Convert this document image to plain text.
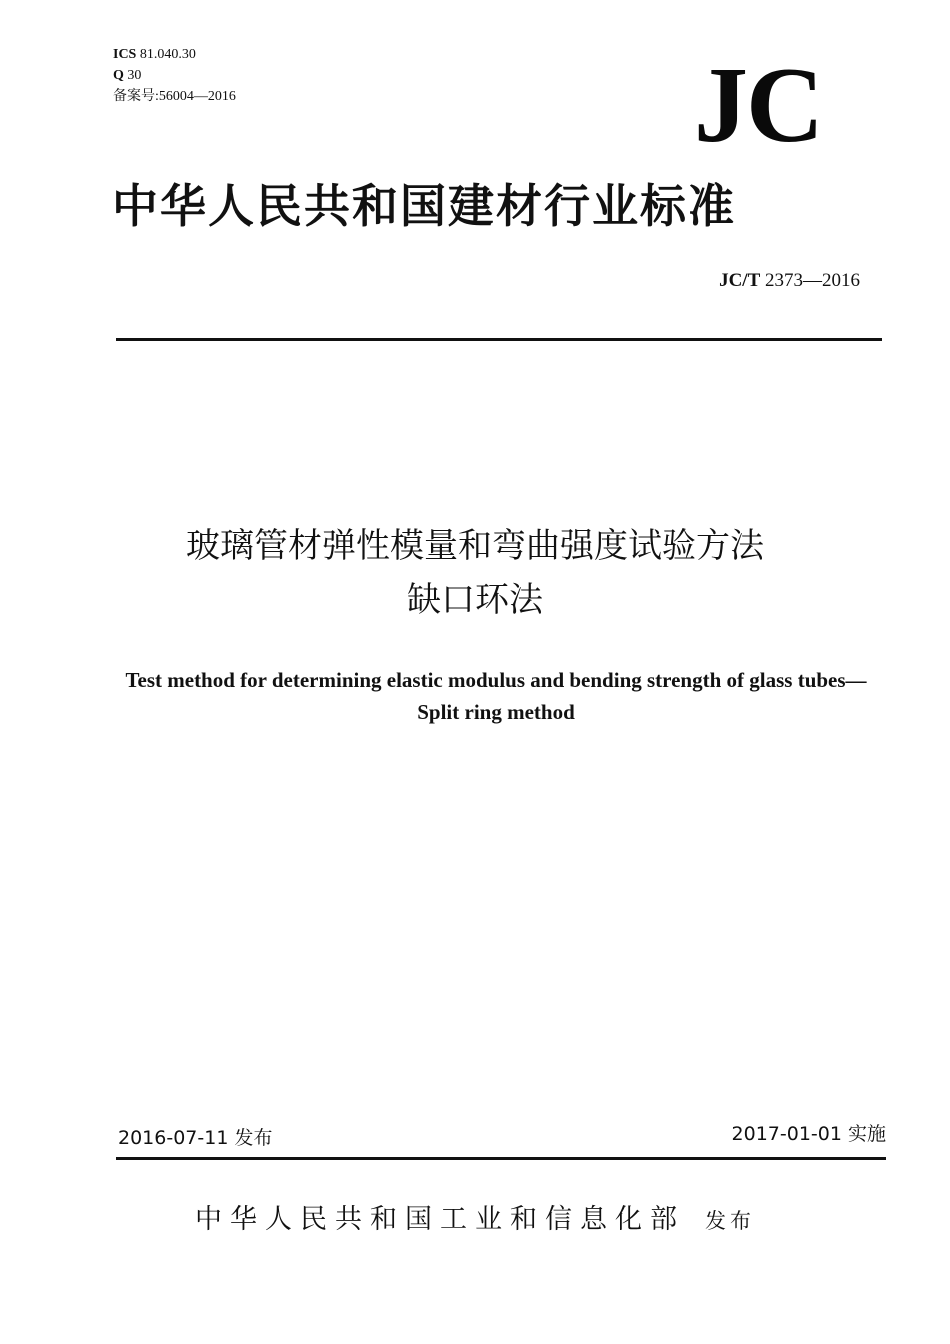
ICS 81.040.30
Q 30
备案号:56004—2016	JC
中华人民共和国建材行业标准
JC/T 2373—2016
玻璃管材弹性模量和弯曲强度试验方法
缺口环法
Test method for determining elastic modulus and bending strength of glass tubes—Split ring method
2016-07-11 发布	2017-01-01 实施
中华人民共和国工业和信息化部 发布
